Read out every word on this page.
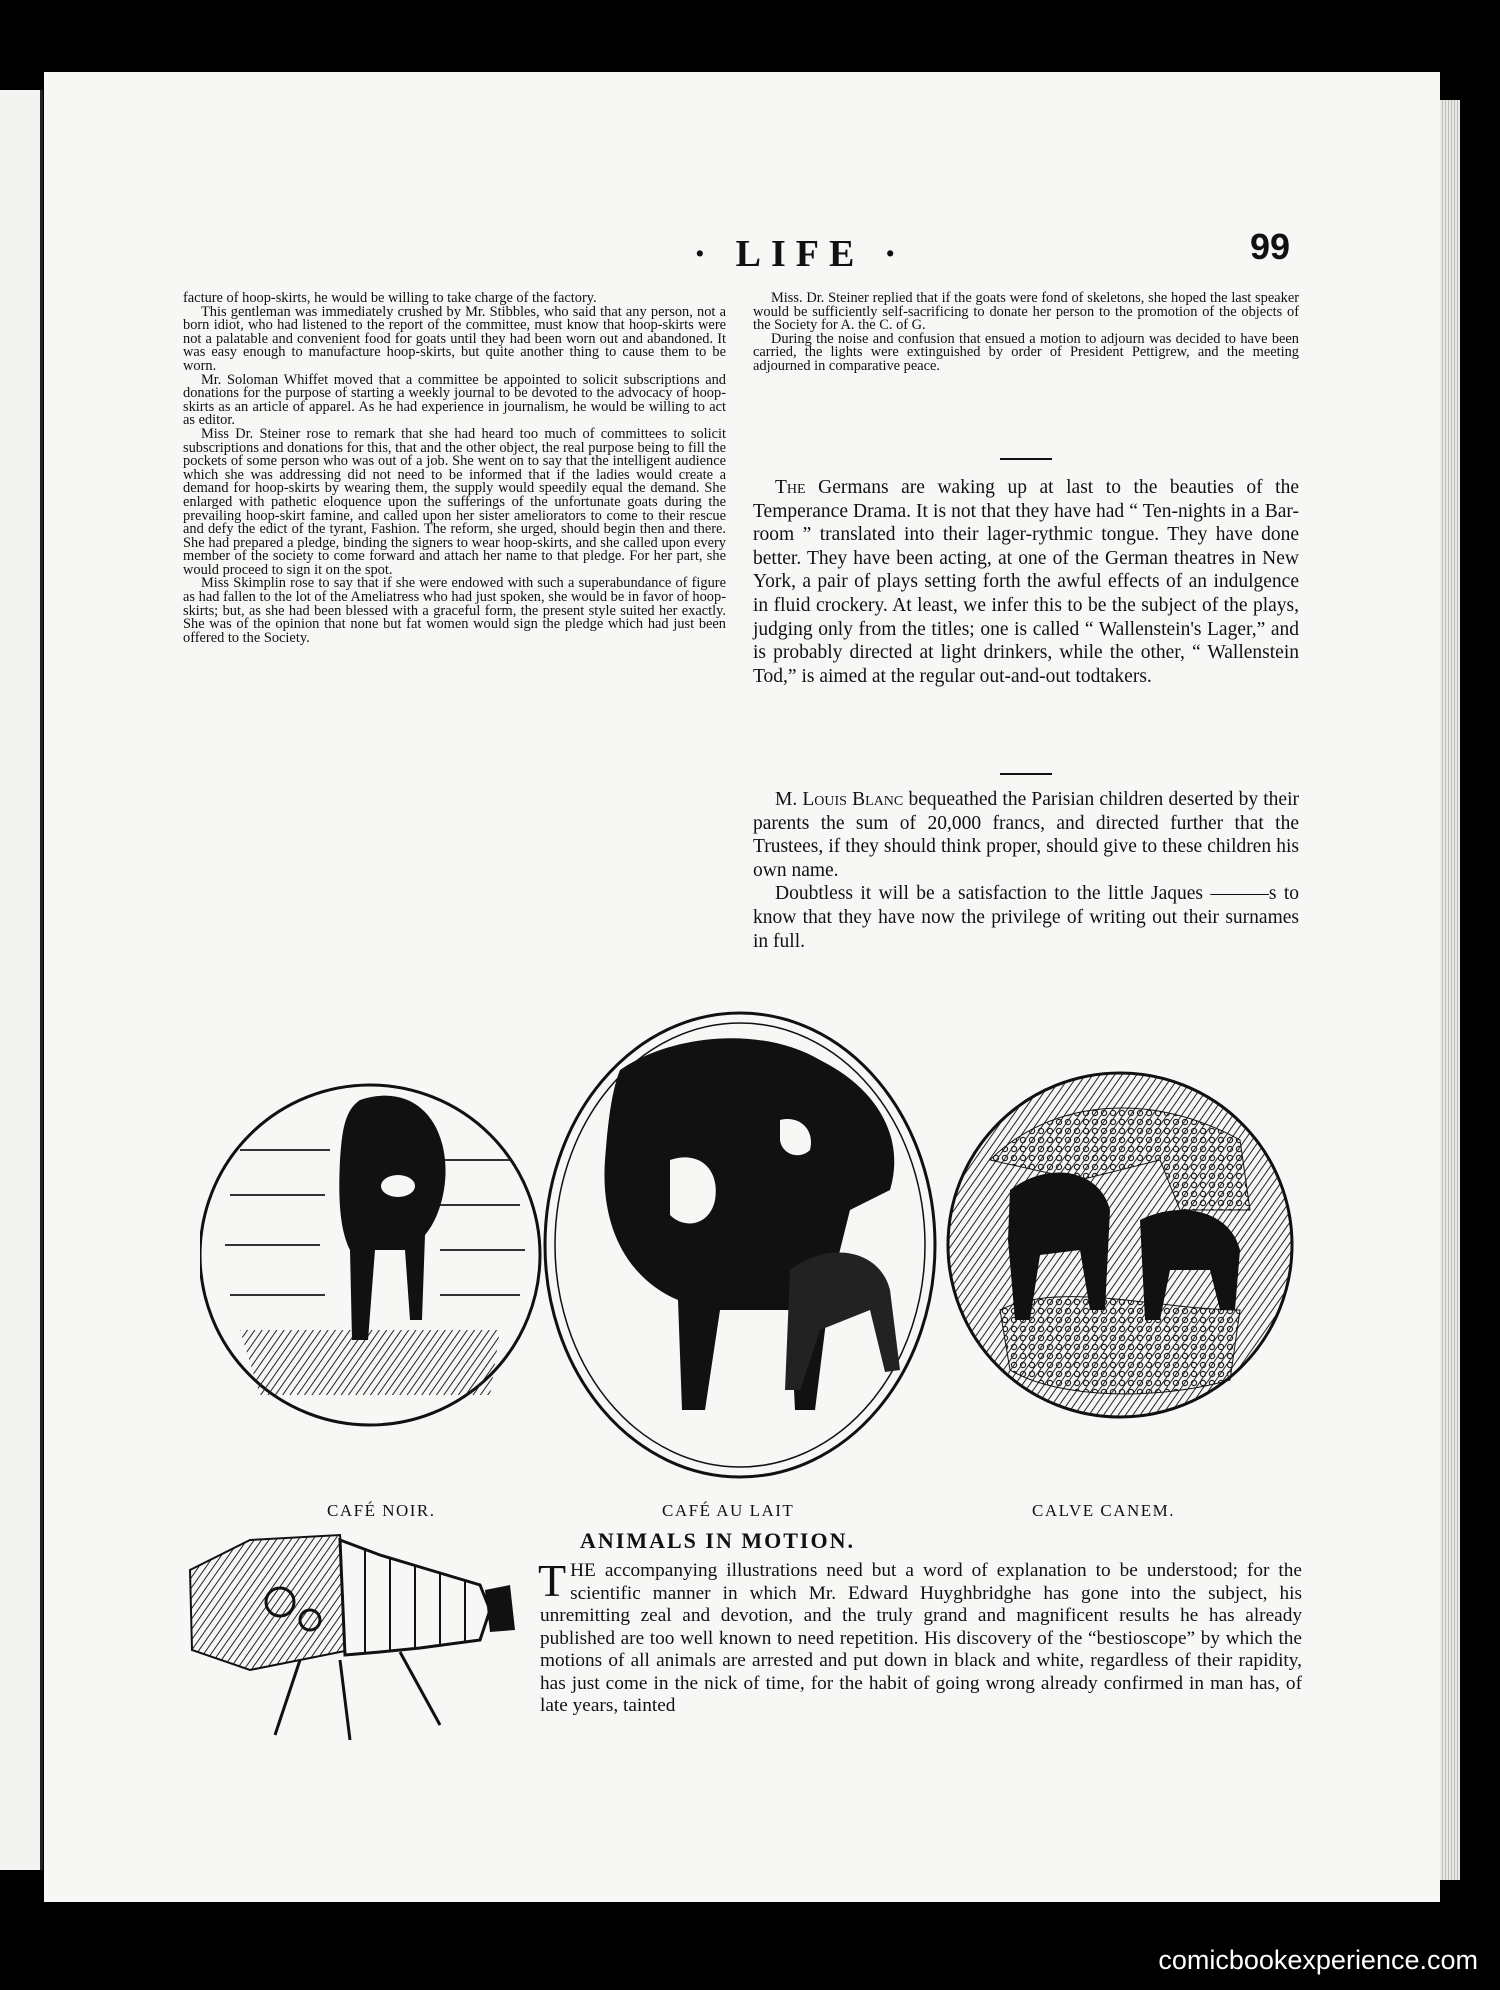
· LIFE ·	99

facture of hoop-skirts, he would be willing to take charge of the factory.

This gentleman was immediately crushed by Mr. Stibbles, who said that any person, not a born idiot, who had listened to the report of the committee, must know that hoop-skirts were not a palatable and convenient food for goats until they had been worn out and abandoned. It was easy enough to manufacture hoop-skirts, but quite another thing to cause them to be worn.

Mr. Soloman Whiffet moved that a committee be appointed to solicit subscriptions and donations for the purpose of starting a weekly journal to be devoted to the advocacy of hoop-skirts as an article of apparel. As he had experience in journalism, he would be willing to act as editor.

Miss Dr. Steiner rose to remark that she had heard too much of committees to solicit subscriptions and donations for this, that and the other object, the real purpose being to fill the pockets of some person who was out of a job. She went on to say that the intelligent audience which she was addressing did not need to be informed that if the ladies would create a demand for hoop-skirts by wearing them, the supply would speedily equal the demand. She enlarged with pathetic eloquence upon the sufferings of the unfortunate goats during the prevailing hoop-skirt famine, and called upon her sister ameliorators to come to their rescue and defy the edict of the tyrant, Fashion. The reform, she urged, should begin then and there. She had prepared a pledge, binding the signers to wear hoop-skirts, and she called upon every member of the society to come forward and attach her name to that pledge. For her part, she would proceed to sign it on the spot.

Miss Skimplin rose to say that if she were endowed with such a superabundance of figure as had fallen to the lot of the Ameliatress who had just spoken, she would be in favor of hoop-skirts; but, as she had been blessed with a graceful form, the present style suited her exactly. She was of the opinion that none but fat women would sign the pledge which had just been offered to the Society.

Miss. Dr. Steiner replied that if the goats were fond of skeletons, she hoped the last speaker would be sufficiently self-sacrificing to donate her person to the promotion of the objects of the Society for A. the C. of G.

During the noise and confusion that ensued a motion to adjourn was decided to have been carried, the lights were extinguished by order of President Pettigrew, and the meeting adjourned in comparative peace.

The Germans are waking up at last to the beauties of the Temperance Drama. It is not that they have had “ Ten-nights in a Bar-room ” translated into their lager-rythmic tongue. They have done better. They have been acting, at one of the German theatres in New York, a pair of plays setting forth the awful effects of an indulgence in fluid crockery. At least, we infer this to be the subject of the plays, judging only from the titles; one is called “ Wallenstein's Lager,” and is probably directed at light drinkers, while the other, “ Wallenstein Tod,” is aimed at the regular out-and-out todtakers.

M. Louis Blanc bequeathed the Parisian children deserted by their parents the sum of 20,000 francs, and directed further that the Trustees, if they should think proper, should give to these children his own name.

Doubtless it will be a satisfaction to the little Jaques ———s to know that they have now the privilege of writing out their surnames in full.

CAFÉ NOIR.	CAFÉ AU LAIT	CALVE CANEM.
ANIMALS IN MOTION.
THE accompanying illustrations need but a word of explanation to be understood; for the scientific manner in which Mr. Edward Huyghbridghe has gone into the subject, his unremitting zeal and devotion, and the truly grand and magnificent results he has already published are too well known to need repetition. His discovery of the “bestioscope” by which the motions of all animals are arrested and put down in black and white, regardless of their rapidity, has just come in the nick of time, for the habit of going wrong already confirmed in man has, of late years, tainted
comicbookexperience.com
